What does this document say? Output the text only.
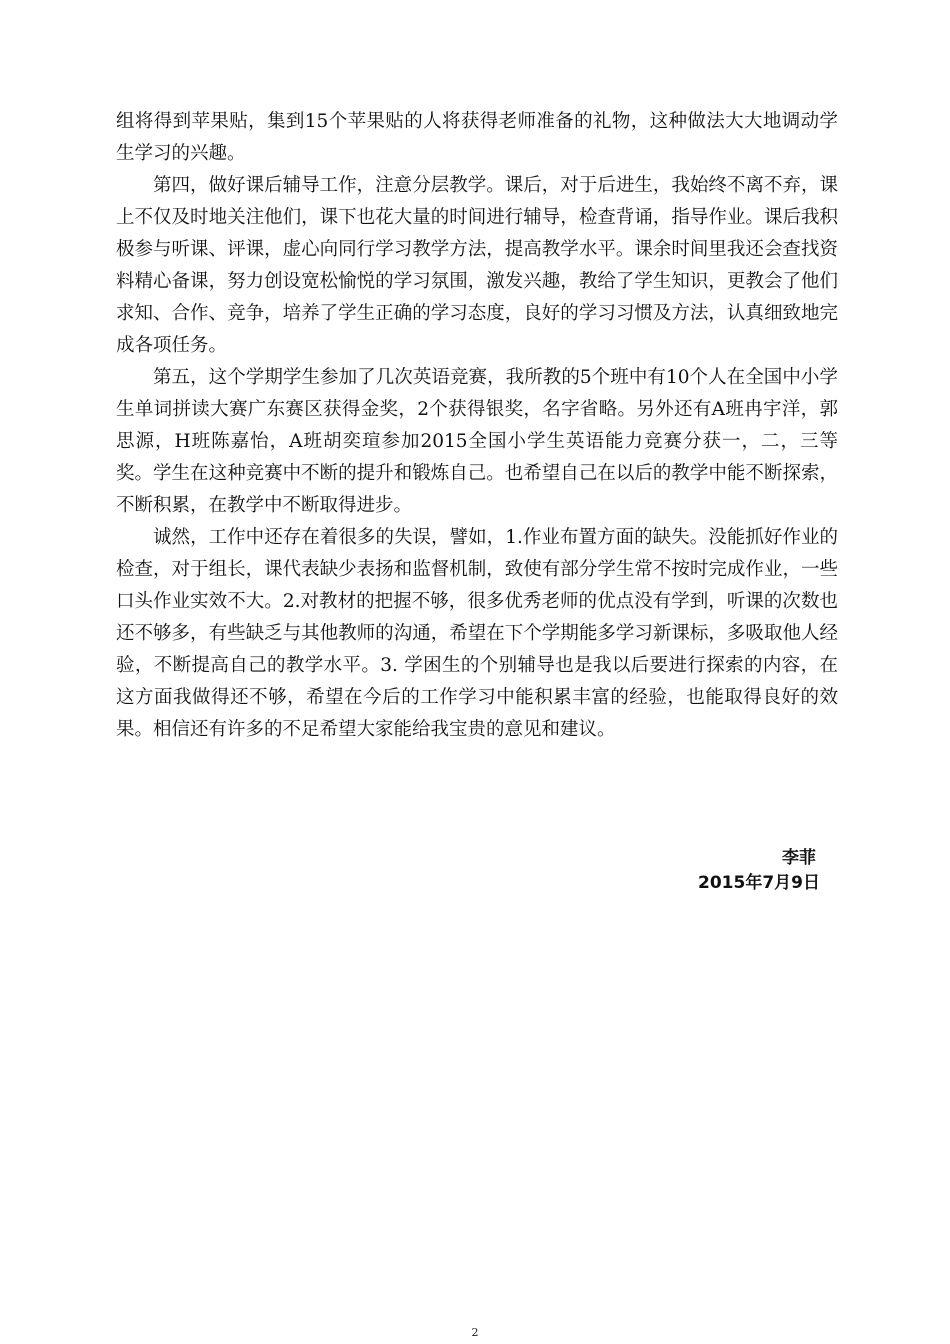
组将得到苹果贴，集到15个苹果贴的人将获得老师准备的礼物，这种做法大大地调动学生学习的兴趣。

第四，做好课后辅导工作，注意分层教学。课后，对于后进生，我始终不离不弃，课上不仅及时地关注他们，课下也花大量的时间进行辅导，检查背诵，指导作业。课后我积极参与听课、评课，虚心向同行学习教学方法，提高教学水平。课余时间里我还会查找资料精心备课，努力创设宽松愉悦的学习氛围，激发兴趣，教给了学生知识，更教会了他们求知、合作、竞争，培养了学生正确的学习态度，良好的学习习惯及方法，认真细致地完成各项任务。

第五，这个学期学生参加了几次英语竞赛，我所教的5个班中有10个人在全国中小学生单词拼读大赛广东赛区获得金奖，2个获得银奖，名字省略。另外还有A班冉宇洋，郭思源，H班陈嘉怡，A班胡奕瑄参加2015全国小学生英语能力竞赛分获一，二，三等奖。学生在这种竞赛中不断的提升和锻炼自己。也希望自己在以后的教学中能不断探索，不断积累，在教学中不断取得进步。

诚然，工作中还存在着很多的失误，譬如，1.作业布置方面的缺失。没能抓好作业的检查，对于组长，课代表缺少表扬和监督机制，致使有部分学生常不按时完成作业，一些口头作业实效不大。2.对教材的把握不够，很多优秀老师的优点没有学到，听课的次数也还不够多，有些缺乏与其他教师的沟通，希望在下个学期能多学习新课标，多吸取他人经验，不断提高自己的教学水平。3. 学困生的个别辅导也是我以后要进行探索的内容，在这方面我做得还不够，希望在今后的工作学习中能积累丰富的经验，也能取得良好的效果。相信还有许多的不足希望大家能给我宝贵的意见和建议。

李菲
2015年7月9日
2
